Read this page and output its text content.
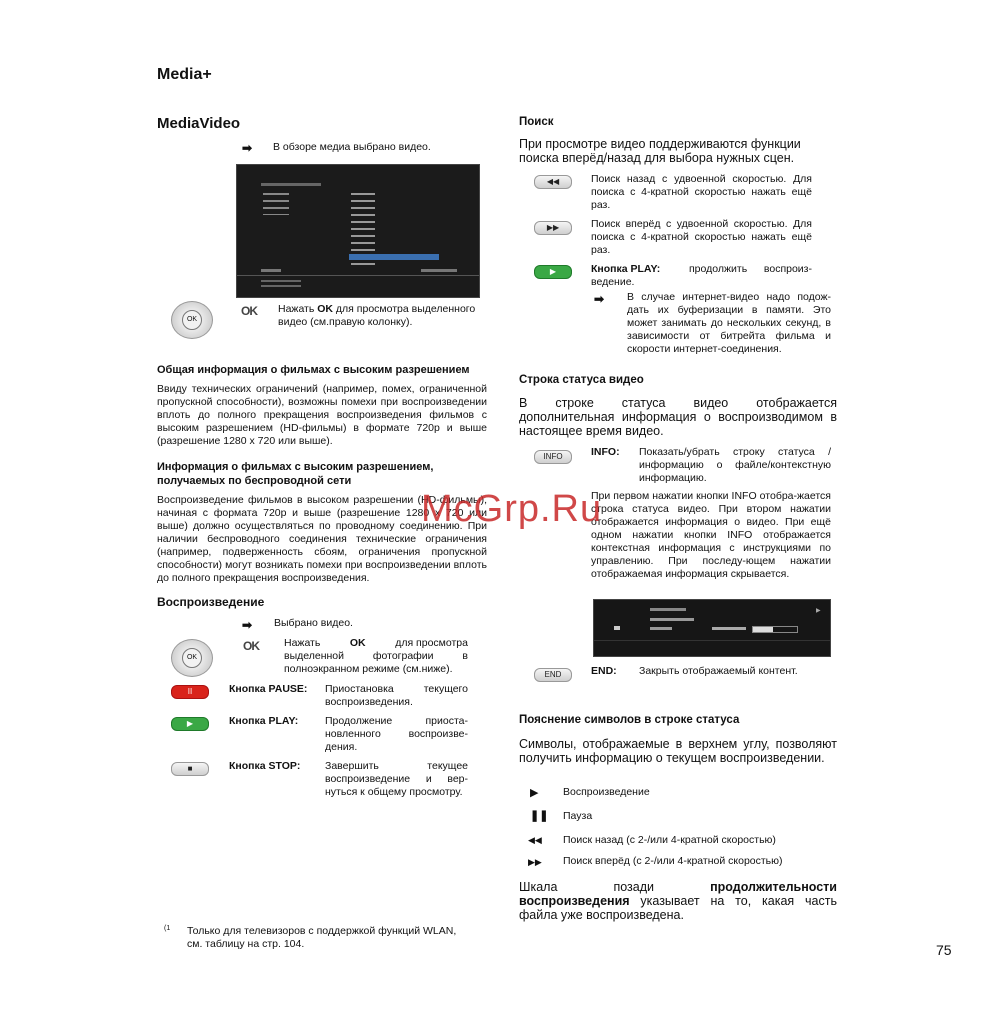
Media+
MediaVideo
➡ В обзоре медиа выбрано видео.
OK
OK Нажать OK для просмотра выделенного
видео (см.правую колонку).
Общая информация о фильмах с высоким разрешением
Ввиду технических ограничений (например, помех, ограниченной пропускной способности), возможны помехи при воспроизведении вплоть до полного прекращения воспроизведения фильмов с высоким разрешением (HD-фильмы) в формате 720p и выше (разрешение 1280 x 720 или выше).
Информация о фильмах с высоким разрешением,
получаемых по беспроводной сети
Воспроизведение фильмов в высоком разрешении (HD-фильмы), начиная с формата 720p и выше (разрешение 1280 x 720 или выше) должно осуществляться по проводному соединению. При наличии беспроводного соединения технические ограничения (например, подверженность сбоям, ограничения пропускной способности) могут возникать помехи при воспроизведении вплоть до полного прекращения воспроизведения.
Воспроизведение
➡ Выбрано видео.
OK
OK Нажать	OK	для просмотра
выделенной фотографии в
полноэкранном режиме (см.ниже).
II	Кнопка PAUSE: Приостановка текущего воспроизведения.
▶	Кнопка PLAY:	Продолжение приоста-новленного воспроизве-дения.
■	Кнопка STOP: Завершить текущее воспроизведение и вер-нуться к общему просмотру.
(1 Только для телевизоров с поддержкой функций WLAN,
см. таблицу на стр. 104.
Поиск
При просмотре видео поддерживаются функции поиска вперёд/назад для выбора нужных сцен.
◀◀	Поиск назад с удвоенной скоростью. Для поиска с 4-кратной скоростью нажать ещё раз.
▶▶	Поиск вперёд с удвоенной скоростью. Для поиска с 4-кратной скоростью нажать ещё раз.
▶	Кнопка PLAY:	продолжить воспроиз-ведение.
➡ В случае интернет-видео надо подож-дать их буферизации в памяти. Это может занимать до нескольких секунд, в зависимости от битрейта фильма и скорости интернет-соединения.
Строка статуса видео
В строке статуса видео отображается дополнительная информация о воспроизводимом в настоящее время видео.
INFO	INFO: Показать/убрать строку статуса / информацию о файле/контекстную информацию.
При первом нажатии кнопки INFO отобра-жается строка статуса видео. При втором нажатии отображается информация о видео. При ещё одном нажатии кнопки INFO отображается контекстная информация с инструкциями по управлению. При последу-ющем нажатии отображаемая информация скрывается.
▶
END	END: Закрыть отображаемый контент.
Пояснение символов в строке статуса
Символы, отображаемые в верхнем углу, позволяют получить информацию о текущем воспроизведении.
▶ Воспроизведение
❚❚ Пауза
◀◀ Поиск назад (с 2-/или 4-кратной скоростью)
▶▶ Поиск вперёд (с 2-/или 4-кратной скоростью)
Шкала позади продолжительности воспроизведения указывает на то, какая часть файла уже воспроизведена.
75
McGrp.Ru
